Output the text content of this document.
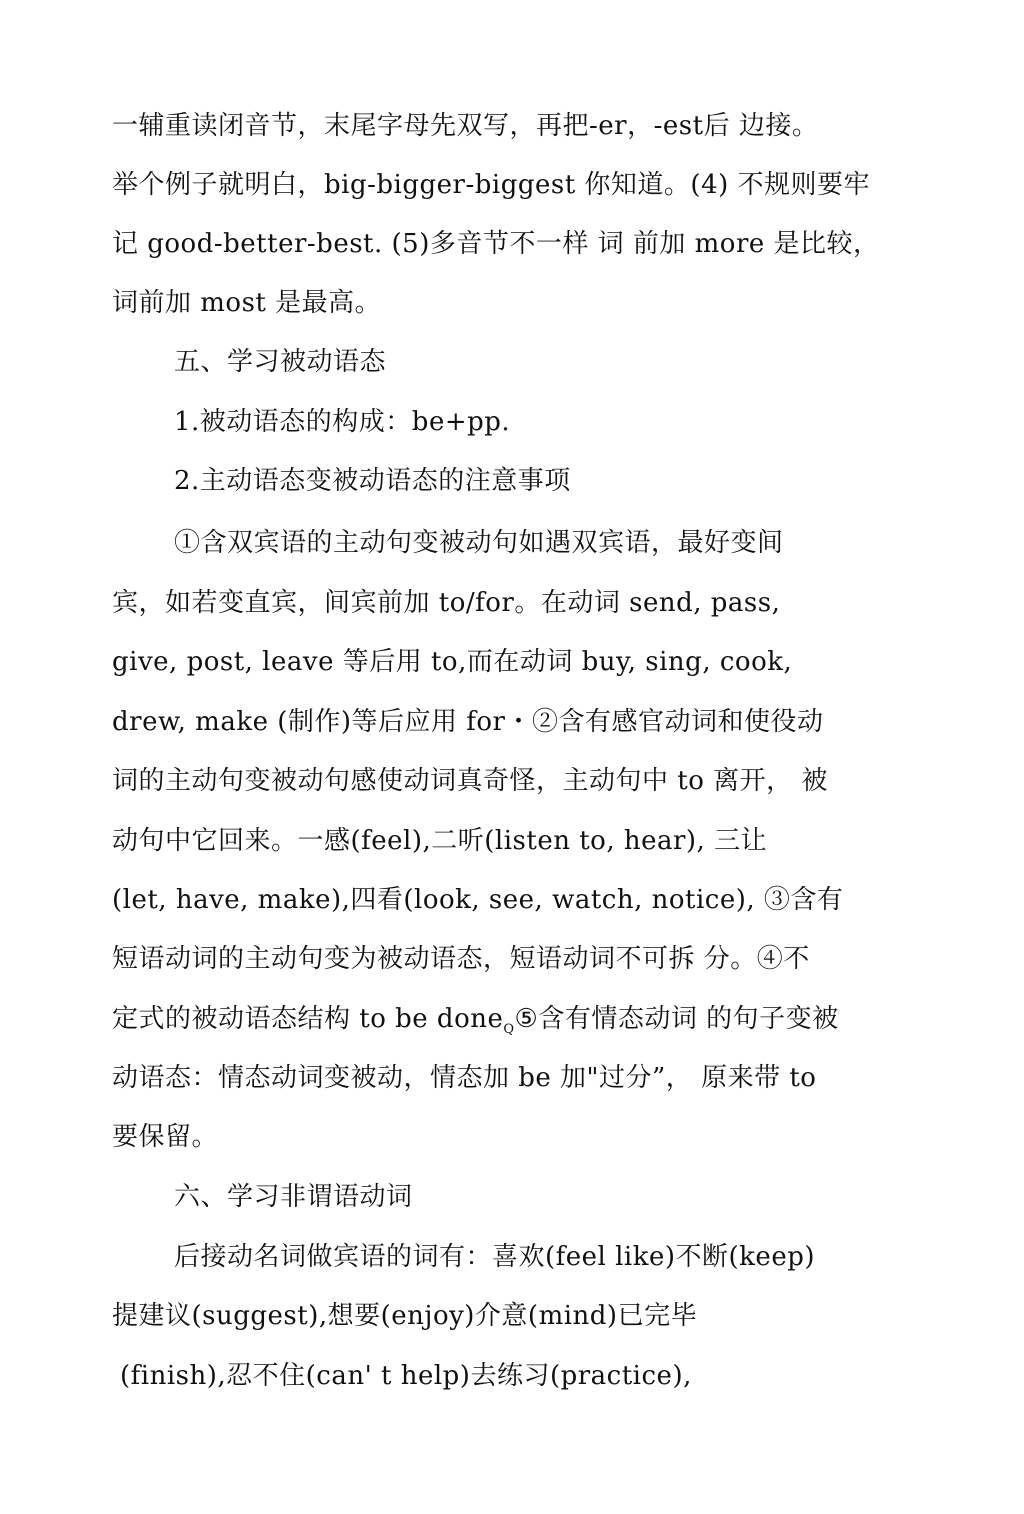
一辅重读闭音节，末尾字母先双写，再把-er，-est后 边接。
举个例子就明白，big-bigger-biggest 你知道。(4) 不规则要牢
记 good-better-best. (5)多音节不一样 词 前加 more 是比较，
词前加 most 是最高。
五、学习被动语态
1.被动语态的构成：be+pp.
2.主动语态变被动语态的注意事项
①含双宾语的主动句变被动句如遇双宾语，最好变间
宾，如若变直宾，间宾前加 to/for。在动词 send, pass,
give, post, leave 等后用 to,而在动词 buy, sing, cook,
drew, make (制作)等后应用 for・②含有感官动词和使役动
词的主动句变被动句感使动词真奇怪，主动句中 to 离开， 被
动句中它回来。一感(feel),二听(listen to, hear), 三让
(let, have, make),四看(look, see, watch, notice), ③含有
短语动词的主动句变为被动语态，短语动词不可拆 分。④不
定式的被动语态结构 to be done$_Q$⑤含有情态动词 的句子变被
动语态：情态动词变被动，情态加 be 加"过分”， 原来带 to
要保留。
六、学习非谓语动词
后接动名词做宾语的词有：喜欢(feel like)不断(keep)
提建议(suggest),想要(enjoy)介意(mind)已完毕
(finish),忍不住(can' t help)去练习(practice),
